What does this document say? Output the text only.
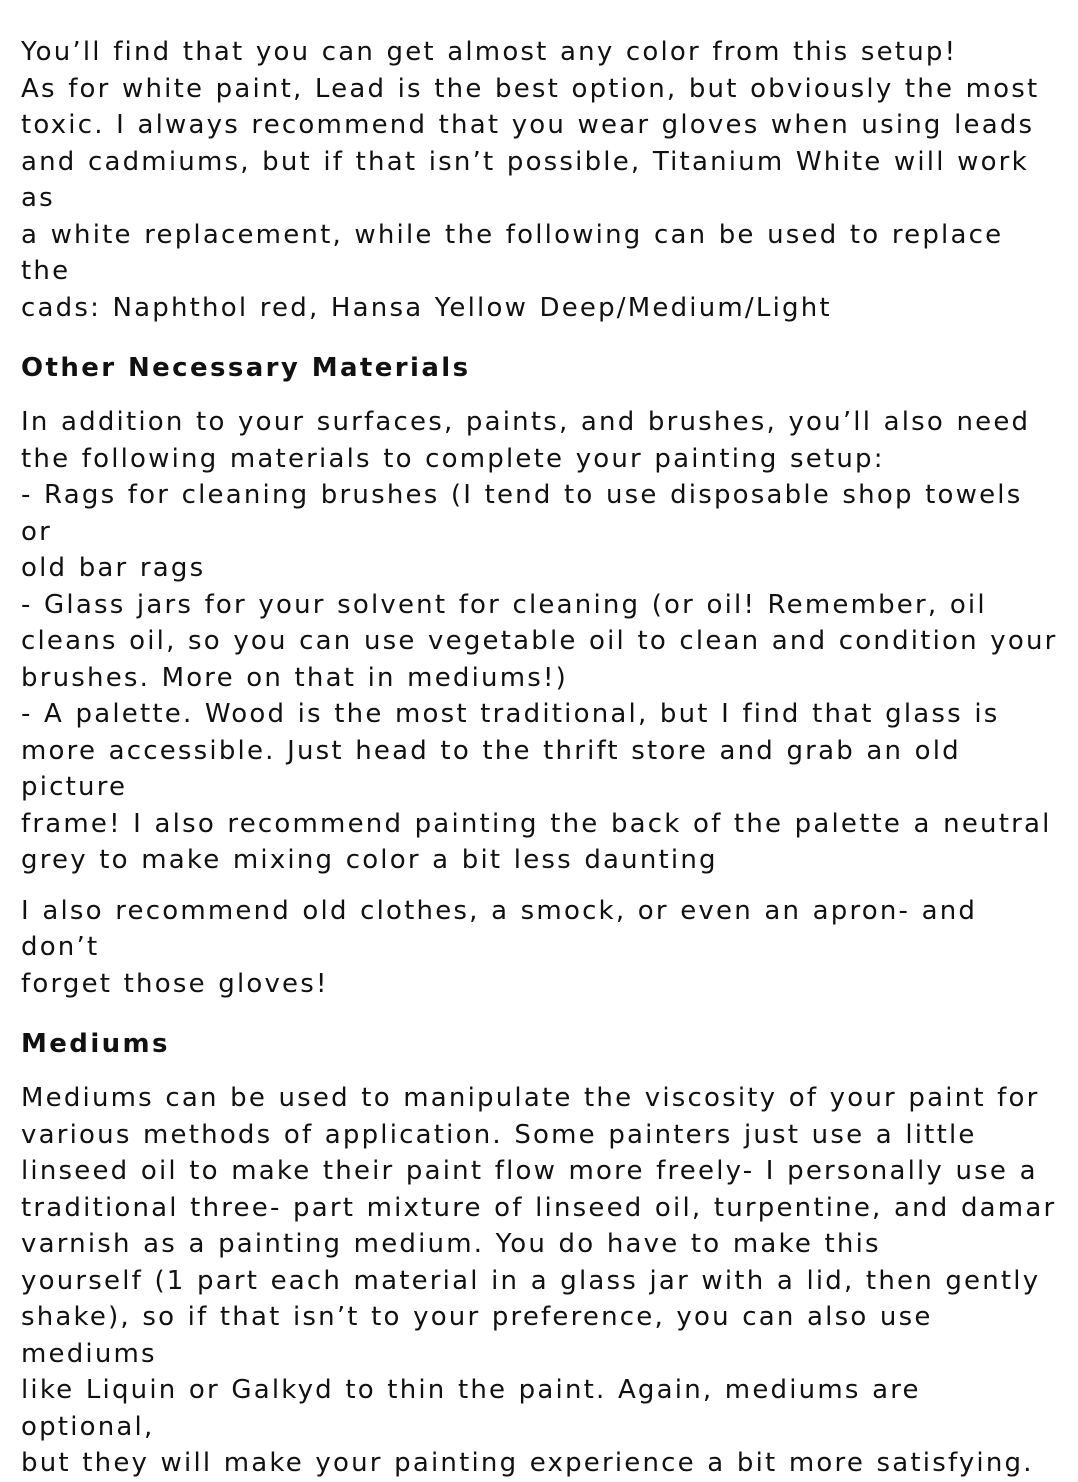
You’ll find that you can get almost any color from this setup!
As for white paint, Lead is the best option, but obviously the most
toxic. I always recommend that you wear gloves when using leads
and cadmiums, but if that isn’t possible, Titanium White will work as
a white replacement, while the following can be used to replace the
cads: Naphthol red, Hansa Yellow Deep/Medium/Light

Other Necessary Materials

In addition to your surfaces, paints, and brushes, you’ll also need
the following materials to complete your painting setup:

- Rags for cleaning brushes (I tend to use disposable shop towels or
old bar rags
- Glass jars for your solvent for cleaning (or oil! Remember, oil
cleans oil, so you can use vegetable oil to clean and condition your
brushes. More on that in mediums!)
- A palette. Wood is the most traditional, but I find that glass is
more accessible. Just head to the thrift store and grab an old picture
frame! I also recommend painting the back of the palette a neutral
grey to make mixing color a bit less daunting

I also recommend old clothes, a smock, or even an apron- and don’t
forget those gloves!

Mediums

Mediums can be used to manipulate the viscosity of your paint for
various methods of application. Some painters just use a little
linseed oil to make their paint flow more freely- I personally use a
traditional three- part mixture of linseed oil, turpentine, and damar
varnish as a painting medium. You do have to make this
yourself (1 part each material in a glass jar with a lid, then gently
shake), so if that isn’t to your preference, you can also use mediums
like Liquin or Galkyd to thin the paint. Again, mediums are optional,
but they will make your painting experience a bit more satisfying.
